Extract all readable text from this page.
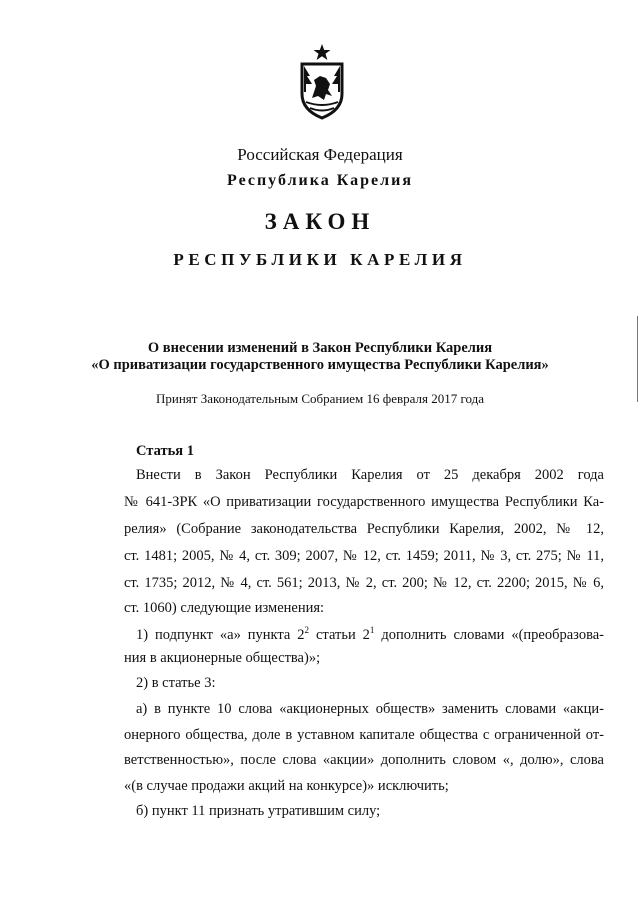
Российская Федерация
Республика Карелия
ЗАКОН
РЕСПУБЛИКИ КАРЕЛИЯ
О внесении изменений в Закон Республики Карелия
«О приватизации государственного имущества Республики Карелия»
Принят Законодательным Собранием 16 февраля 2017 года
Статья 1
Внести в Закон Республики Карелия от 25 декабря 2002 года
№ 641-ЗРК «О приватизации государственного имущества Республики Ка-
релия» (Собрание законодательства Республики Карелия, 2002, № 12,
ст. 1481; 2005, № 4, ст. 309; 2007, № 12, ст. 1459; 2011, № 3, ст. 275; № 11,
ст. 1735; 2012, № 4, ст. 561; 2013, № 2, ст. 200; № 12, ст. 2200; 2015, № 6,
ст. 1060) следующие изменения:
1) подпункт «а» пункта $2^2$ статьи $2^1$ дополнить словами «(преобразова-
ния в акционерные общества)»;
2) в статье 3:
а) в пункте 10 слова «акционерных обществ» заменить словами «акци-
онерного общества, доле в уставном капитале общества с ограниченной от-
ветственностью», после слова «акции» дополнить словом «, долю», слова
«(в случае продажи акций на конкурсе)» исключить;
б) пункт 11 признать утратившим силу;
